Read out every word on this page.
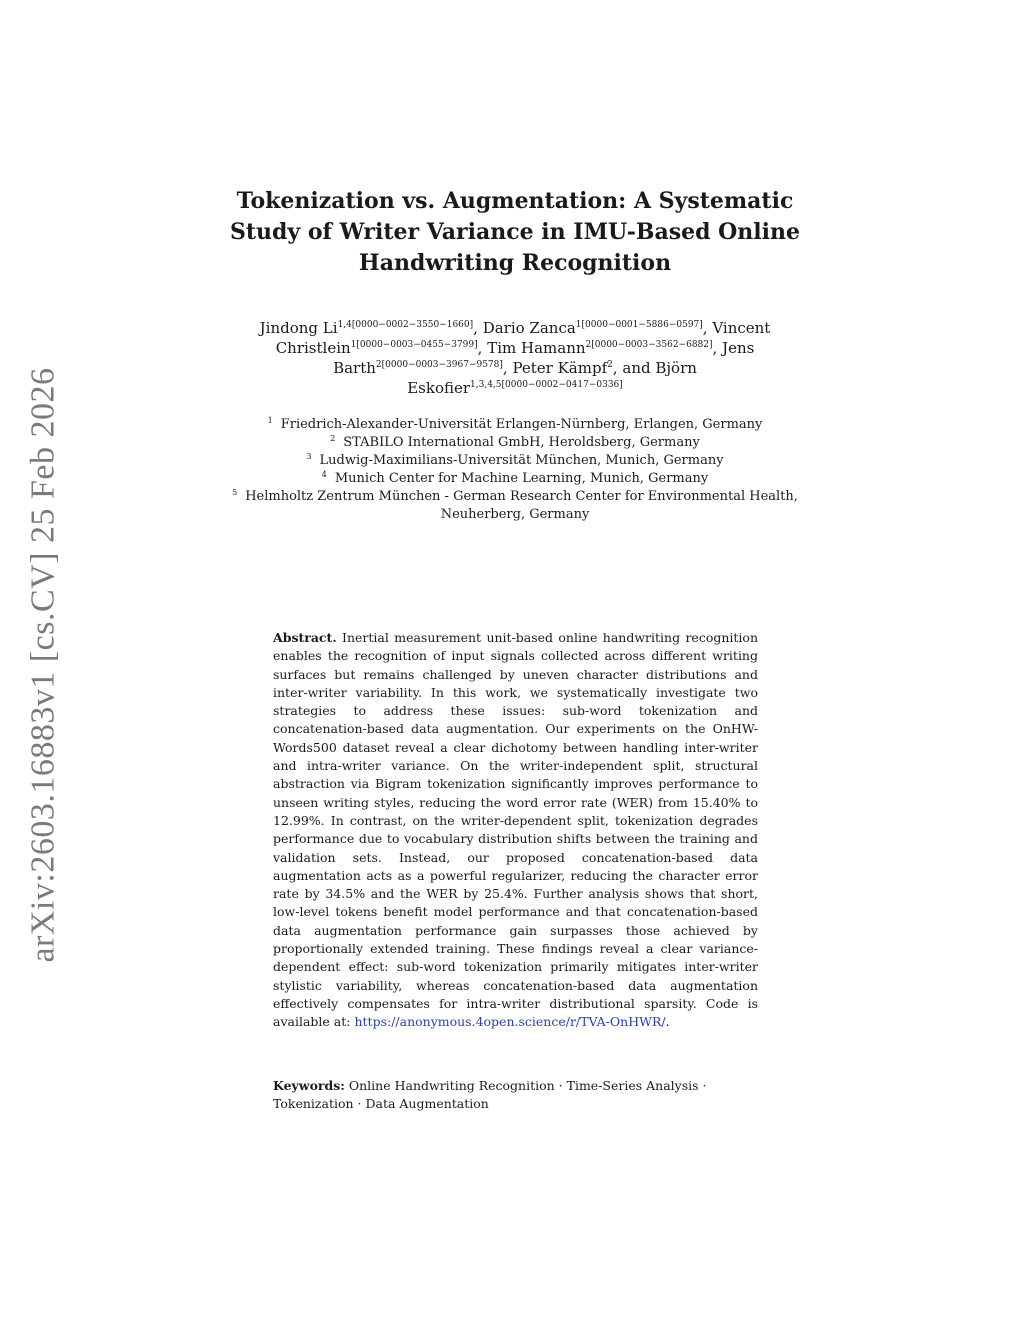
arXiv:2603.16883v1 [cs.CV] 25 Feb 2026
Tokenization vs. Augmentation: A Systematic
Study of Writer Variance in IMU-Based Online
Handwriting Recognition
Jindong $Li^{1,4[0000-0002-3550-1660]}$, Dario Zanca$^{1[0000-0001-5886-0597]}$, Vincent
Christlein$^{1[0000-0003-0455-3799]}$, Tim Hamann$^{2[0000-0003-3562-6882]}$, Jens
Barth$^{2[0000-0003-3967-9578]}$, Peter Kämpf$^2$, and Björn
Eskofier$^{1,3,4,5[0000-0002-0417-0336]}$
$^1$ Friedrich-Alexander-Universität Erlangen-Nürnberg, Erlangen, Germany
$^2$ STABILO International GmbH, Heroldsberg, Germany
$^3$ Ludwig-Maximilians-Universität München, Munich, Germany
$^4$ Munich Center for Machine Learning, Munich, Germany
$^5$ Helmholtz Zentrum München - German Research Center for Environmental Health,
Neuherberg, Germany
Abstract. Inertial measurement unit-based online handwriting recognition enables the recognition of input signals collected across different writing surfaces but remains challenged by uneven character distributions and inter-writer variability. In this work, we systematically investigate two strategies to address these issues: sub-word tokenization and concatenation-based data augmentation. Our experiments on the OnHW-Words500 dataset reveal a clear dichotomy between handling inter-writer and intra-writer variance. On the writer-independent split, structural abstraction via Bigram tokenization significantly improves performance to unseen writing styles, reducing the word error rate (WER) from 15.40% to 12.99%. In contrast, on the writer-dependent split, tokenization degrades performance due to vocabulary distribution shifts between the training and validation sets. Instead, our proposed concatenation-based data augmentation acts as a powerful regularizer, reducing the character error rate by 34.5% and the WER by 25.4%. Further analysis shows that short, low-level tokens benefit model performance and that concatenation-based data augmentation performance gain surpasses those achieved by proportionally extended training. These findings reveal a clear variance-dependent effect: sub-word tokenization primarily mitigates inter-writer stylistic variability, whereas concatenation-based data augmentation effectively compensates for intra-writer distributional sparsity. Code is available at: https://anonymous.4open.science/r/TVA-OnHWR/.
Keywords: Online Handwriting Recognition · Time-Series Analysis · Tokenization · Data Augmentation
